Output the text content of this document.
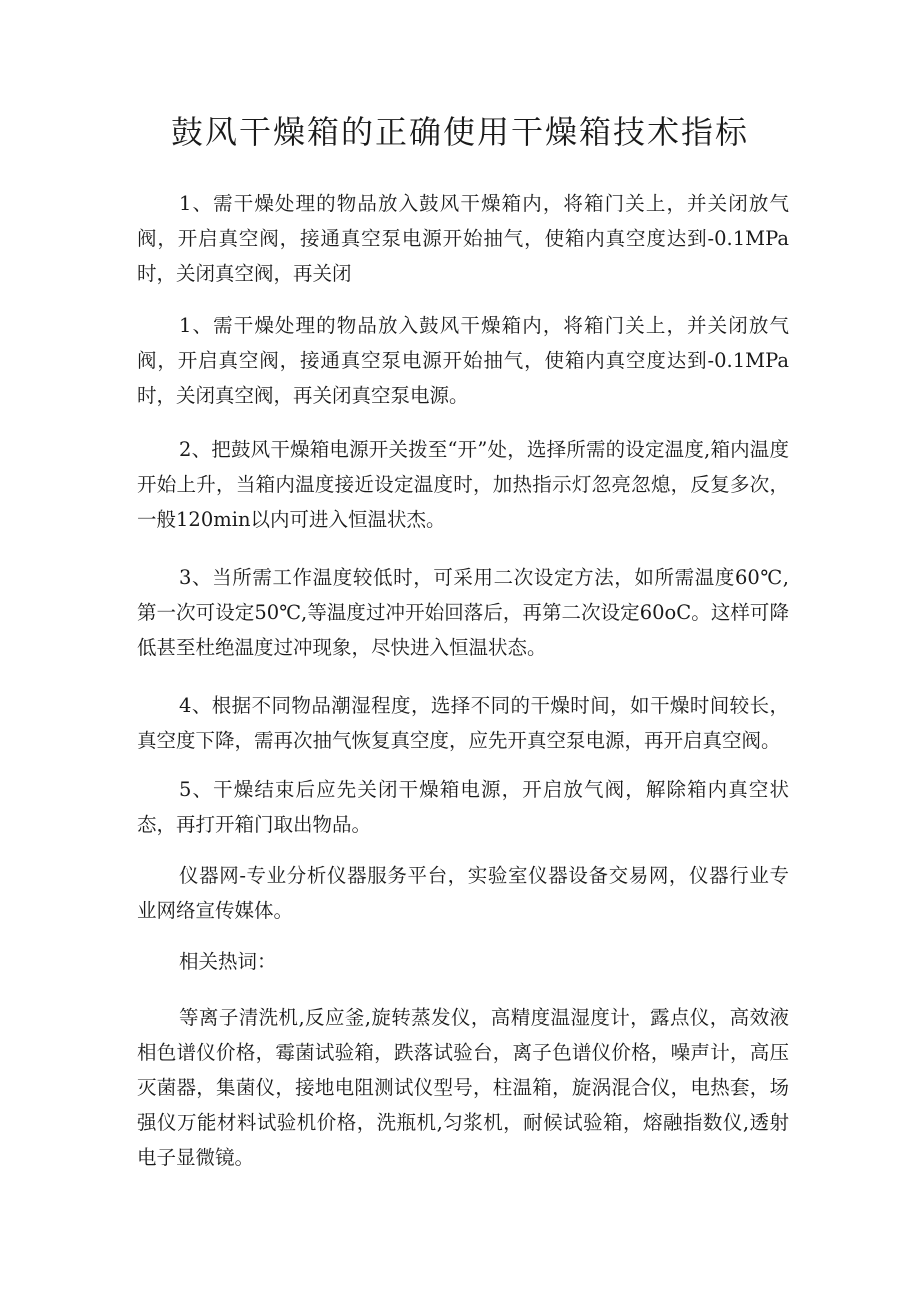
鼓风干燥箱的正确使用干燥箱技术指标

1、需干燥处理的物品放入鼓风干燥箱内，将箱门关上，并关闭放气阀，开启真空阀，接通真空泵电源开始抽气，使箱内真空度达到-0.1MPa时，关闭真空阀，再关闭

1、需干燥处理的物品放入鼓风干燥箱内，将箱门关上，并关闭放气阀，开启真空阀，接通真空泵电源开始抽气，使箱内真空度达到-0.1MPa时，关闭真空阀，再关闭真空泵电源。

2、把鼓风干燥箱电源开关拨至“开”处，选择所需的设定温度,箱内温度开始上升，当箱内温度接近设定温度时，加热指示灯忽亮忽熄，反复多次，一般120min以内可进入恒温状杰。

3、当所需工作温度较低时，可采用二次设定方法，如所需温度60℃,第一次可设定50℃,等温度过冲开始回落后，再第二次设定60oC。这样可降低甚至杜绝温度过冲现象，尽快进入恒温状态。

4、根据不同物品潮湿程度，选择不同的干燥时间，如干燥时间较长，真空度下降，需再次抽气恢复真空度，应先开真空泵电源，再开启真空阀。

5、干燥结束后应先关闭干燥箱电源，开启放气阀，解除箱内真空状态，再打开箱门取出物品。

仪器网-专业分析仪器服务平台，实验室仪器设备交易网，仪器行业专业网络宣传媒体。

相关热词：

等离子清洗机,反应釜,旋转蒸发仪，高精度温湿度计，露点仪，高效液相色谱仪价格，霉菌试验箱，跌落试验台，离子色谱仪价格，噪声计，高压灭菌器，集菌仪，接地电阻测试仪型号，柱温箱，旋涡混合仪，电热套，场强仪万能材料试验机价格，洗瓶机,匀浆机，耐候试验箱，熔融指数仪,透射电子显微镜。
